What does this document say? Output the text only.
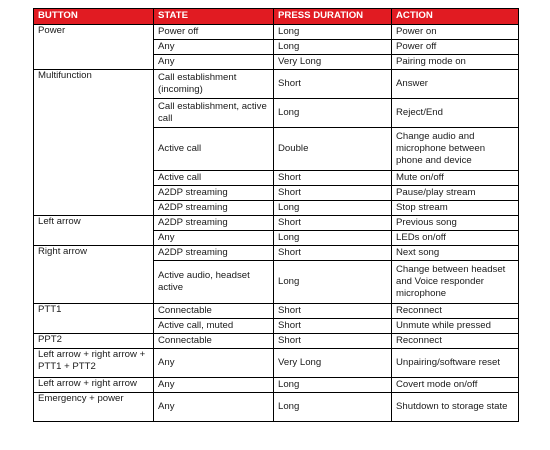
BUTTON	STATE	PRESS DURATION	ACTION
Power	Power off	Long	Power on
	Any	Long	Power off
	Any	Very Long	Pairing mode on
Multifunction	Call establishment (incoming)	Short	Answer
	Call establishment, active call	Long	Reject/End
	Active call	Double	Change audio and microphone between phone and device
	Active call	Short	Mute on/off
	A2DP streaming	Short	Pause/play stream
	A2DP streaming	Long	Stop stream
Left arrow	A2DP streaming	Short	Previous song
	Any	Long	LEDs on/off
Right arrow	A2DP streaming	Short	Next song
	Active audio, headset active	Long	Change between headset and Voice responder microphone
PTT1	Connectable	Short	Reconnect
	Active call, muted	Short	Unmute while pressed
PPT2	Connectable	Short	Reconnect
Left arrow + right arrow + PTT1 + PTT2	Any	Very Long	Unpairing/software reset
Left arrow + right arrow	Any	Long	Covert mode on/off
Emergency + power	Any	Long	Shutdown to storage state
